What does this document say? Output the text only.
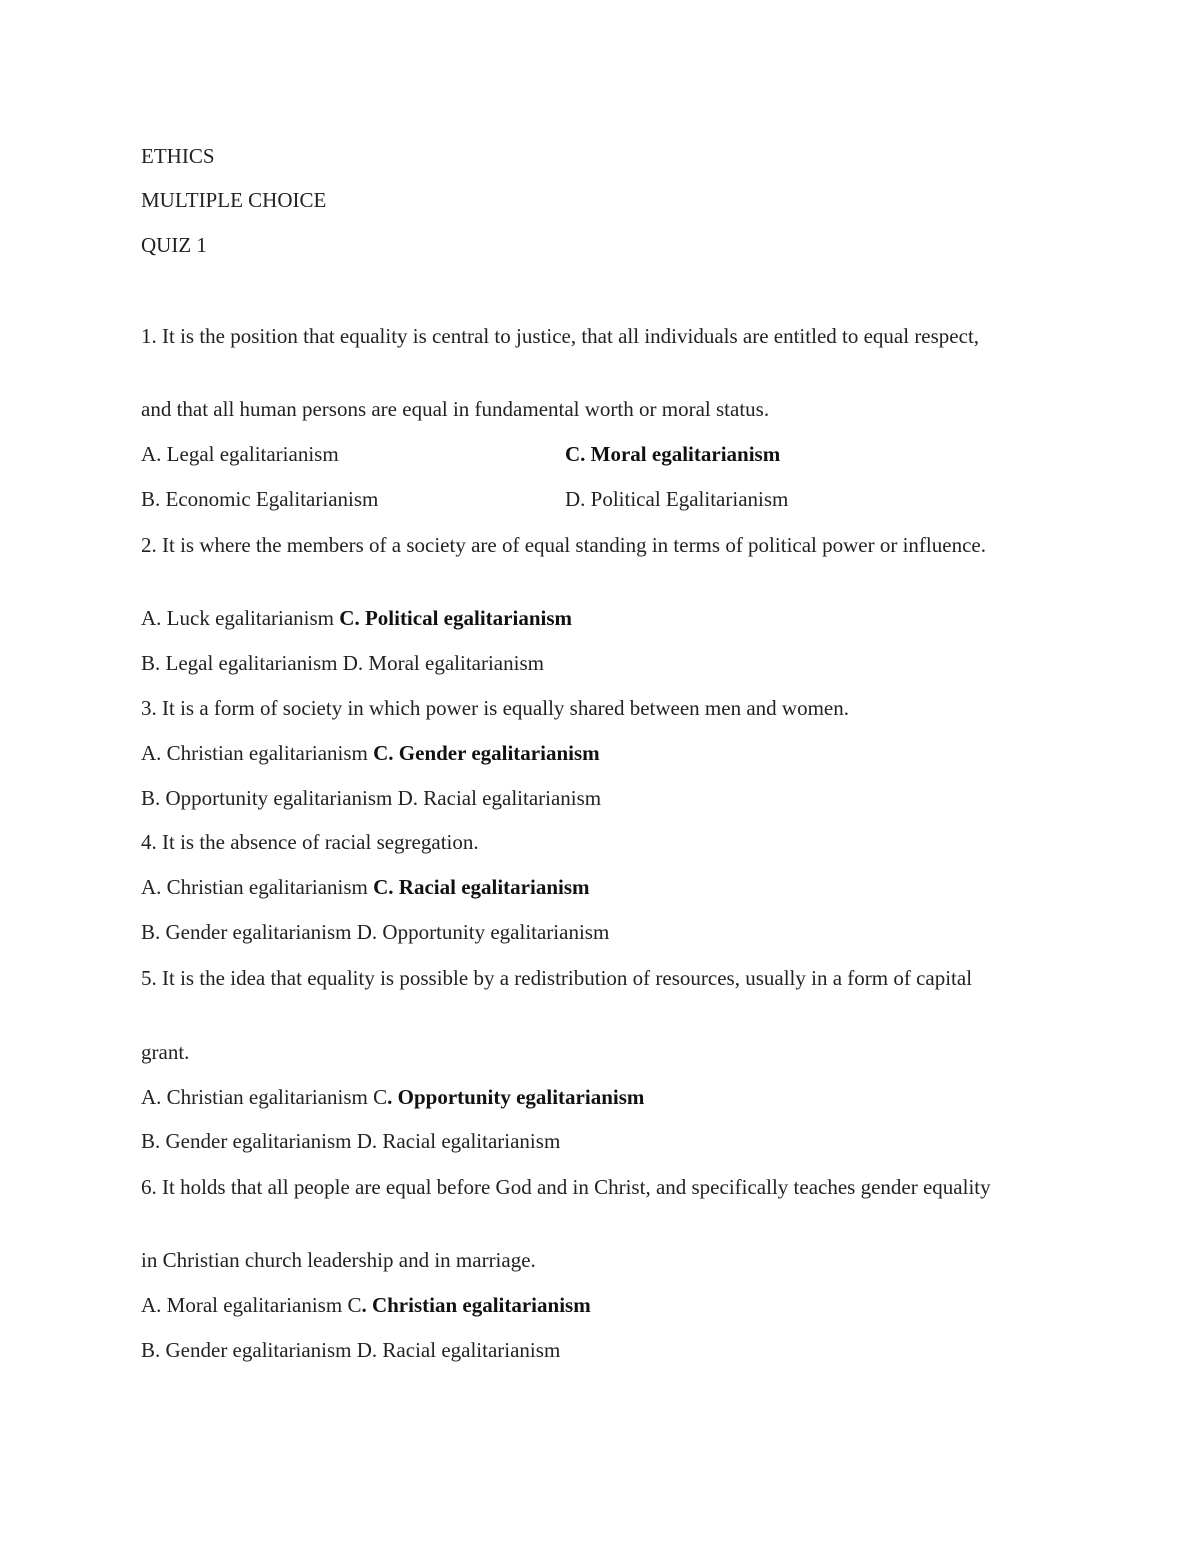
ETHICS
MULTIPLE CHOICE
QUIZ 1
1. It is the position that equality is central to justice, that all individuals are entitled to equal respect,
and that all human persons are equal in fundamental worth or moral status.
A. Legal egalitarianism	C. Moral egalitarianism
B. Economic Egalitarianism	D. Political Egalitarianism
2. It is where the members of a society are of equal standing in terms of political power or influence.
A. Luck egalitarianism C. Political egalitarianism
B. Legal egalitarianism D. Moral egalitarianism
3. It is a form of society in which power is equally shared between men and women.
A. Christian egalitarianism C. Gender egalitarianism
B. Opportunity egalitarianism D. Racial egalitarianism
4. It is the absence of racial segregation.
A. Christian egalitarianism C. Racial egalitarianism
B. Gender egalitarianism D. Opportunity egalitarianism
5. It is the idea that equality is possible by a redistribution of resources, usually in a form of capital
grant.
A. Christian egalitarianism C. Opportunity egalitarianism
B. Gender egalitarianism D. Racial egalitarianism
6. It holds that all people are equal before God and in Christ, and specifically teaches gender equality
in Christian church leadership and in marriage.
A. Moral egalitarianism C. Christian egalitarianism
B. Gender egalitarianism D. Racial egalitarianism
